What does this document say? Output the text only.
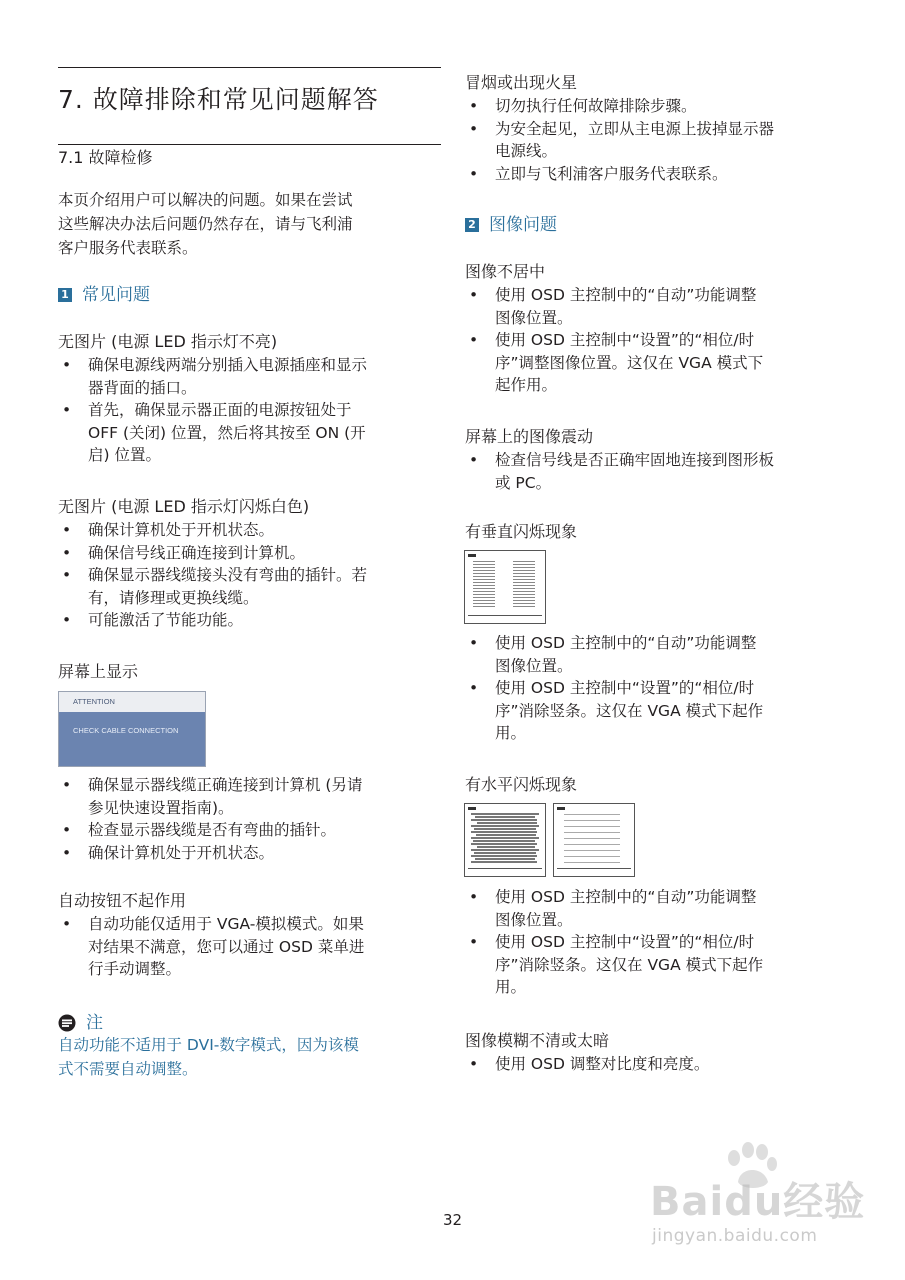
7. 故障排除和常见问题解答
7.1 故障检修
本页介绍用户可以解决的问题。如果在尝试
这些解决办法后问题仍然存在，请与飞利浦
客户服务代表联系。
1 常见问题
无图片 (电源 LED 指示灯不亮)
• 确保电源线两端分别插入电源插座和显示
器背面的插口。
• 首先，确保显示器正面的电源按钮处于
OFF (关闭) 位置，然后将其按至 ON (开
启) 位置。
无图片 (电源 LED 指示灯闪烁白色)
• 确保计算机处于开机状态。
• 确保信号线正确连接到计算机。
• 确保显示器线缆接头没有弯曲的插针。若
有，请修理或更换线缆。
• 可能激活了节能功能。
屏幕上显示
ATTENTION
CHECK CABLE CONNECTION
• 确保显示器线缆正确连接到计算机 (另请
参见快速设置指南)。
• 检查显示器线缆是否有弯曲的插针。
• 确保计算机处于开机状态。
自动按钮不起作用
• 自动功能仅适用于 VGA-模拟模式。如果
对结果不满意，您可以通过 OSD 菜单进
行手动调整。
注
自动功能不适用于 DVI-数字模式，因为该模
式不需要自动调整。
冒烟或出现火星
• 切勿执行任何故障排除步骤。
• 为安全起见，立即从主电源上拔掉显示器
电源线。
• 立即与飞利浦客户服务代表联系。
2 图像问题
图像不居中
• 使用 OSD 主控制中的“自动”功能调整
图像位置。
• 使用 OSD 主控制中“设置”的“相位/时
序”调整图像位置。这仅在 VGA 模式下
起作用。
屏幕上的图像震动
• 检查信号线是否正确牢固地连接到图形板
或 PC。
有垂直闪烁现象
• 使用 OSD 主控制中的“自动”功能调整
图像位置。
• 使用 OSD 主控制中“设置”的“相位/时
序”消除竖条。这仅在 VGA 模式下起作
用。
有水平闪烁现象
• 使用 OSD 主控制中的“自动”功能调整
图像位置。
• 使用 OSD 主控制中“设置”的“相位/时
序”消除竖条。这仅在 VGA 模式下起作
用。
图像模糊不清或太暗
• 使用 OSD 调整对比度和亮度。
32	Baidu经验
jingyan.baidu.com
